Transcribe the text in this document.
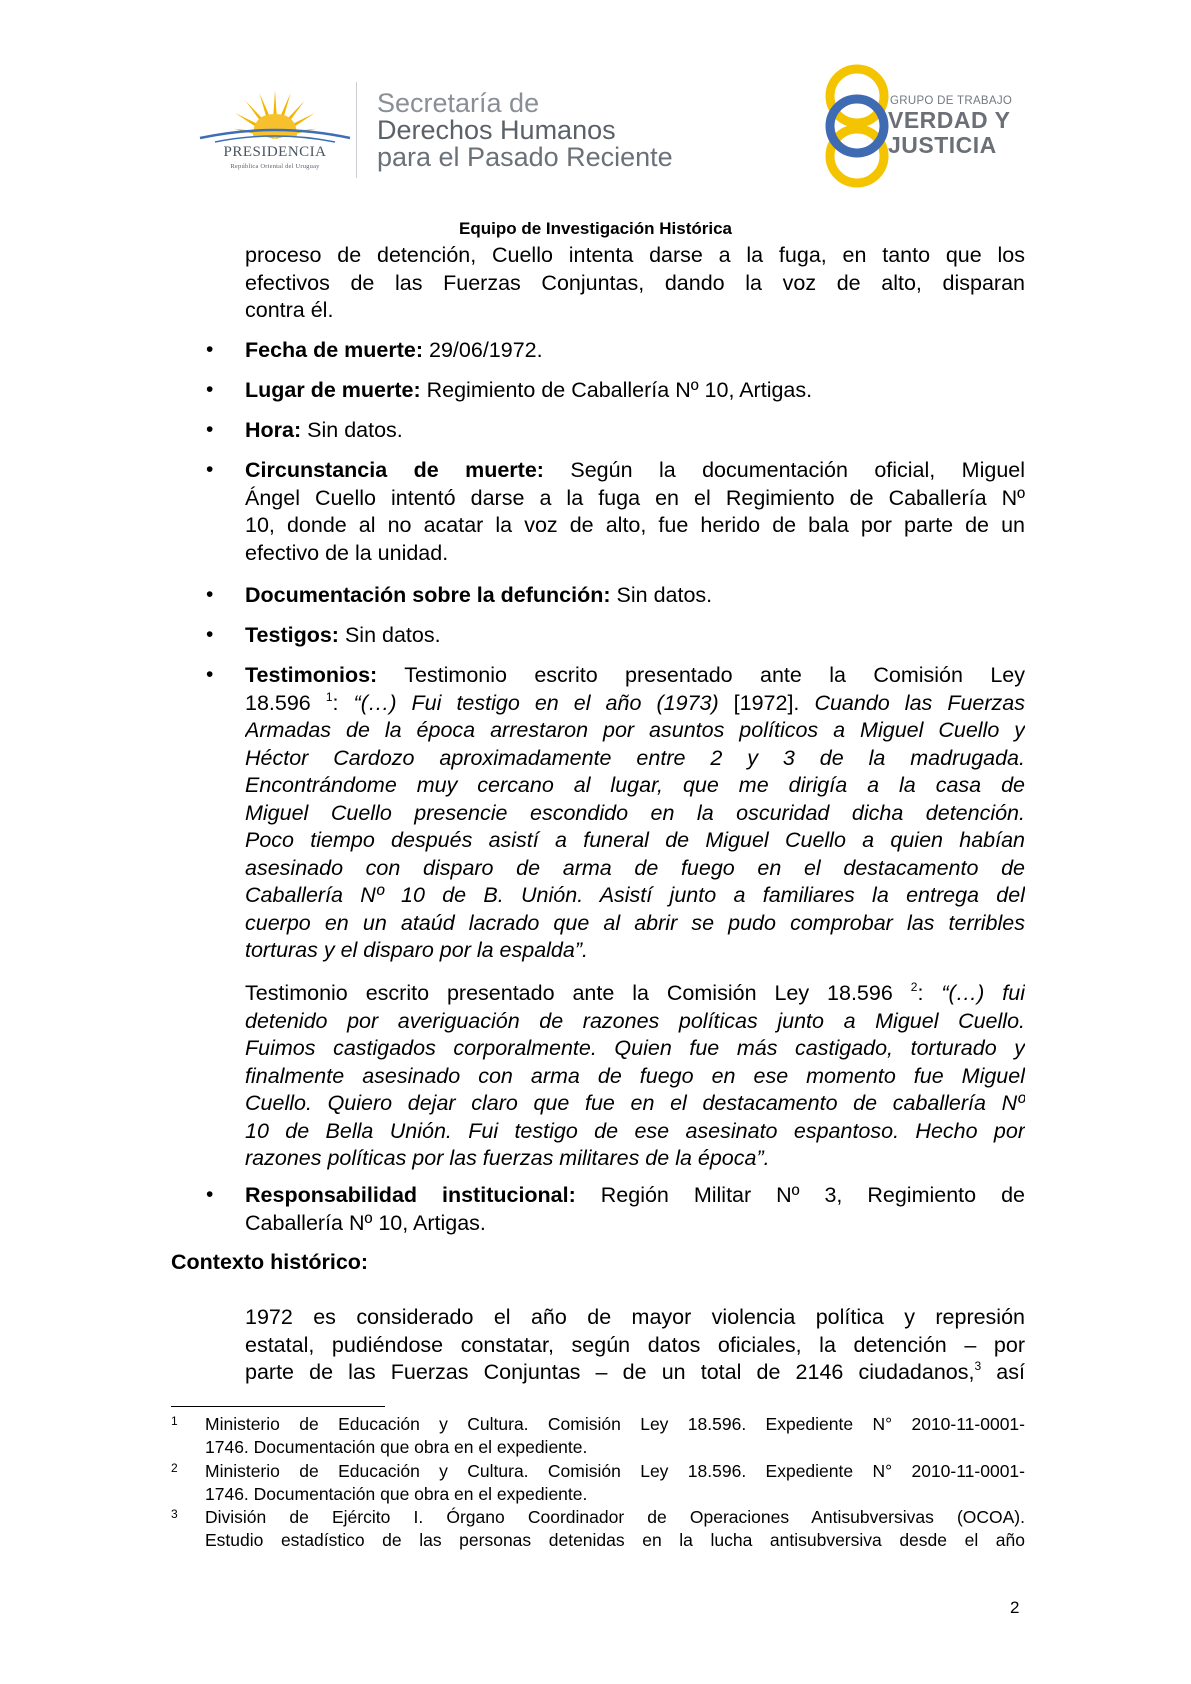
PRESIDENCIA
República Oriental del Uruguay
Secretaría de
Derechos Humanos
para el Pasado Reciente
GRUPO DE TRABAJO
VERDAD Y
JUSTICIA
Equipo de Investigación Histórica
proceso de detención, Cuello intenta darse a la fuga, en tanto que los
efectivos de las Fuerzas Conjuntas, dando la voz de alto, disparan
contra él.
• Fecha de muerte: 29/06/1972.
• Lugar de muerte: Regimiento de Caballería Nº 10, Artigas.
• Hora: Sin datos.
• Circunstancia de muerte: Según la documentación oficial, Miguel
Ángel Cuello intentó darse a la fuga en el Regimiento de Caballería Nº
10, donde al no acatar la voz de alto, fue herido de bala por parte de un
efectivo de la unidad.
• Documentación sobre la defunción: Sin datos.
• Testigos: Sin datos.
• Testimonios: Testimonio escrito presentado ante la Comisión Ley
18.596 $^1$: “(…) Fui testigo en el año (1973) [1972]. Cuando las Fuerzas
Armadas de la época arrestaron por asuntos políticos a Miguel Cuello y
Héctor Cardozo aproximadamente entre 2 y 3 de la madrugada.
Encontrándome muy cercano al lugar, que me dirigía a la casa de
Miguel Cuello presencie escondido en la oscuridad dicha detención.
Poco tiempo después asistí a funeral de Miguel Cuello a quien habían
asesinado con disparo de arma de fuego en el destacamento de
Caballería Nº 10 de B. Unión. Asistí junto a familiares la entrega del
cuerpo en un ataúd lacrado que al abrir se pudo comprobar las terribles
torturas y el disparo por la espalda”.
Testimonio escrito presentado ante la Comisión Ley 18.596 $^2$: “(…) fui
detenido por averiguación de razones políticas junto a Miguel Cuello.
Fuimos castigados corporalmente. Quien fue más castigado, torturado y
finalmente asesinado con arma de fuego en ese momento fue Miguel
Cuello. Quiero dejar claro que fue en el destacamento de caballería Nº
10 de Bella Unión. Fui testigo de ese asesinato espantoso. Hecho por
razones políticas por las fuerzas militares de la época”.
• Responsabilidad institucional: Región Militar Nº 3, Regimiento de
Caballería Nº 10, Artigas.
Contexto histórico:
1972 es considerado el año de mayor violencia política y represión
estatal, pudiéndose constatar, según datos oficiales, la detención – por
parte de las Fuerzas Conjuntas – de un total de 2146 ciudadanos,$^3$ así
1 Ministerio de Educación y Cultura. Comisión Ley 18.596. Expediente N° 2010-11-0001-
1746. Documentación que obra en el expediente.
2 Ministerio de Educación y Cultura. Comisión Ley 18.596. Expediente N° 2010-11-0001-
1746. Documentación que obra en el expediente.
3 División de Ejército I. Órgano Coordinador de Operaciones Antisubversivas (OCOA).
Estudio estadístico de las personas detenidas en la lucha antisubversiva desde el año
2
